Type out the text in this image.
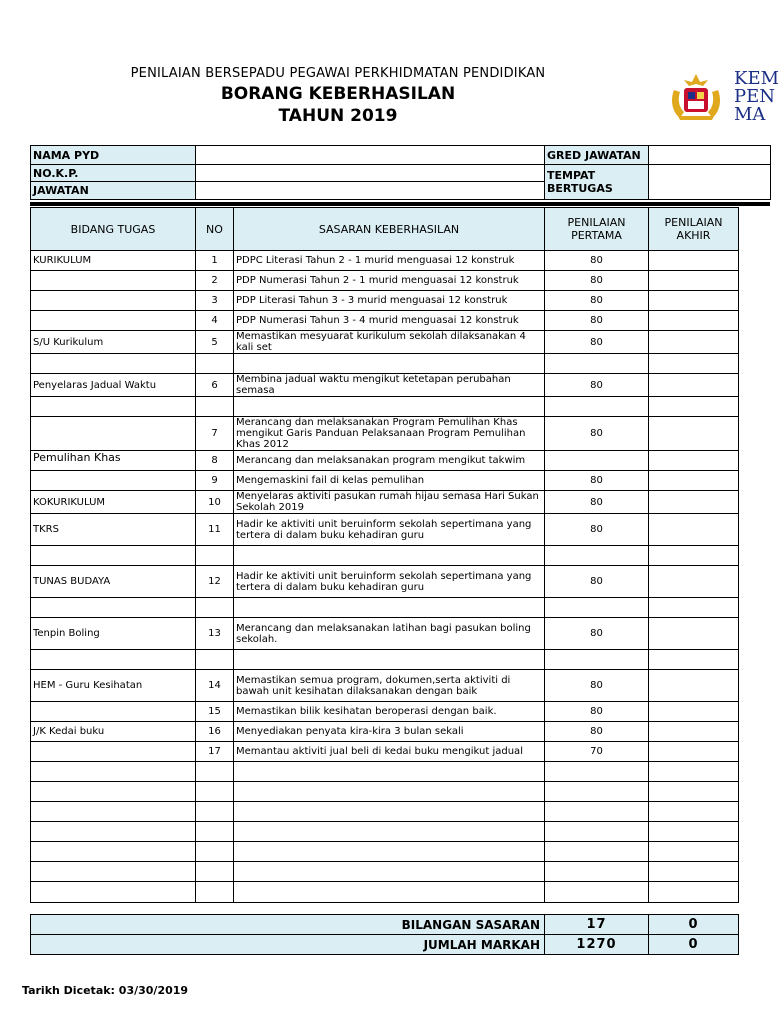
PENILAIAN BERSEPADU PEGAWAI PERKHIDMATAN PENDIDIKAN
BORANG KEBERHASILAN
TAHUN 2019
KEM
PEN
MA
NAMA PYD		GRED JAWATAN	
NO.K.P.		TEMPAT
BERTUGAS	

JAWATAN			
BIDANG TUGAS	NO	SASARAN KEBERHASILAN	PENILAIAN PERTAMA	PENILAIAN AKHIR	
KURIKULUM	1	PDPC Literasi Tahun 2 - 1 murid menguasai 12 konstruk	80		
	2	PDP Numerasi Tahun 2 - 1 murid menguasai 12 konstruk	80		
	3	PDP Literasi Tahun 3 - 3 murid menguasai 12 konstruk	80		
	4	PDP Numerasi Tahun 3 - 4 murid menguasai 12 konstruk	80		
S/U Kurikulum	5	Memastikan mesyuarat kurikulum sekolah dilaksanakan 4 kali set	80		

Penyelaras Jadual Waktu	6	Membina jadual waktu mengikut ketetapan perubahan semasa	80		

	7	Merancang dan melaksanakan Program Pemulihan Khas mengikut Garis Panduan Pelaksanaan Program Pemulihan Khas 2012	80		
Pemulihan Khas	8	Merancang dan melaksanakan program mengikut takwim			
	9	Mengemaskini fail di kelas pemulihan	80		
KOKURIKULUM	10	Menyelaras aktiviti pasukan rumah hijau semasa Hari Sukan Sekolah 2019	80		
TKRS	11	Hadir ke aktiviti unit beruinform sekolah sepertimana yang tertera di dalam buku kehadiran guru	80		

TUNAS BUDAYA	12	Hadir ke aktiviti unit beruinform sekolah sepertimana yang tertera di dalam buku kehadiran guru	80		

Tenpin Boling	13	Merancang dan melaksanakan latihan bagi pasukan boling sekolah.	80		

HEM - Guru Kesihatan	14	Memastikan semua program, dokumen,serta aktiviti di bawah unit kesihatan dilaksanakan dengan baik	80		
	15	Memastikan bilik kesihatan beroperasi dengan baik.	80		
J/K Kedai buku	16	Menyediakan penyata kira-kira 3 bulan sekali	80		
	17	Memantau aktiviti jual beli di kedai buku mengikut jadual	70		

BILANGAN SASARAN	17	0
JUMLAH MARKAH	1270	0
Tarikh Dicetak: 03/30/2019
